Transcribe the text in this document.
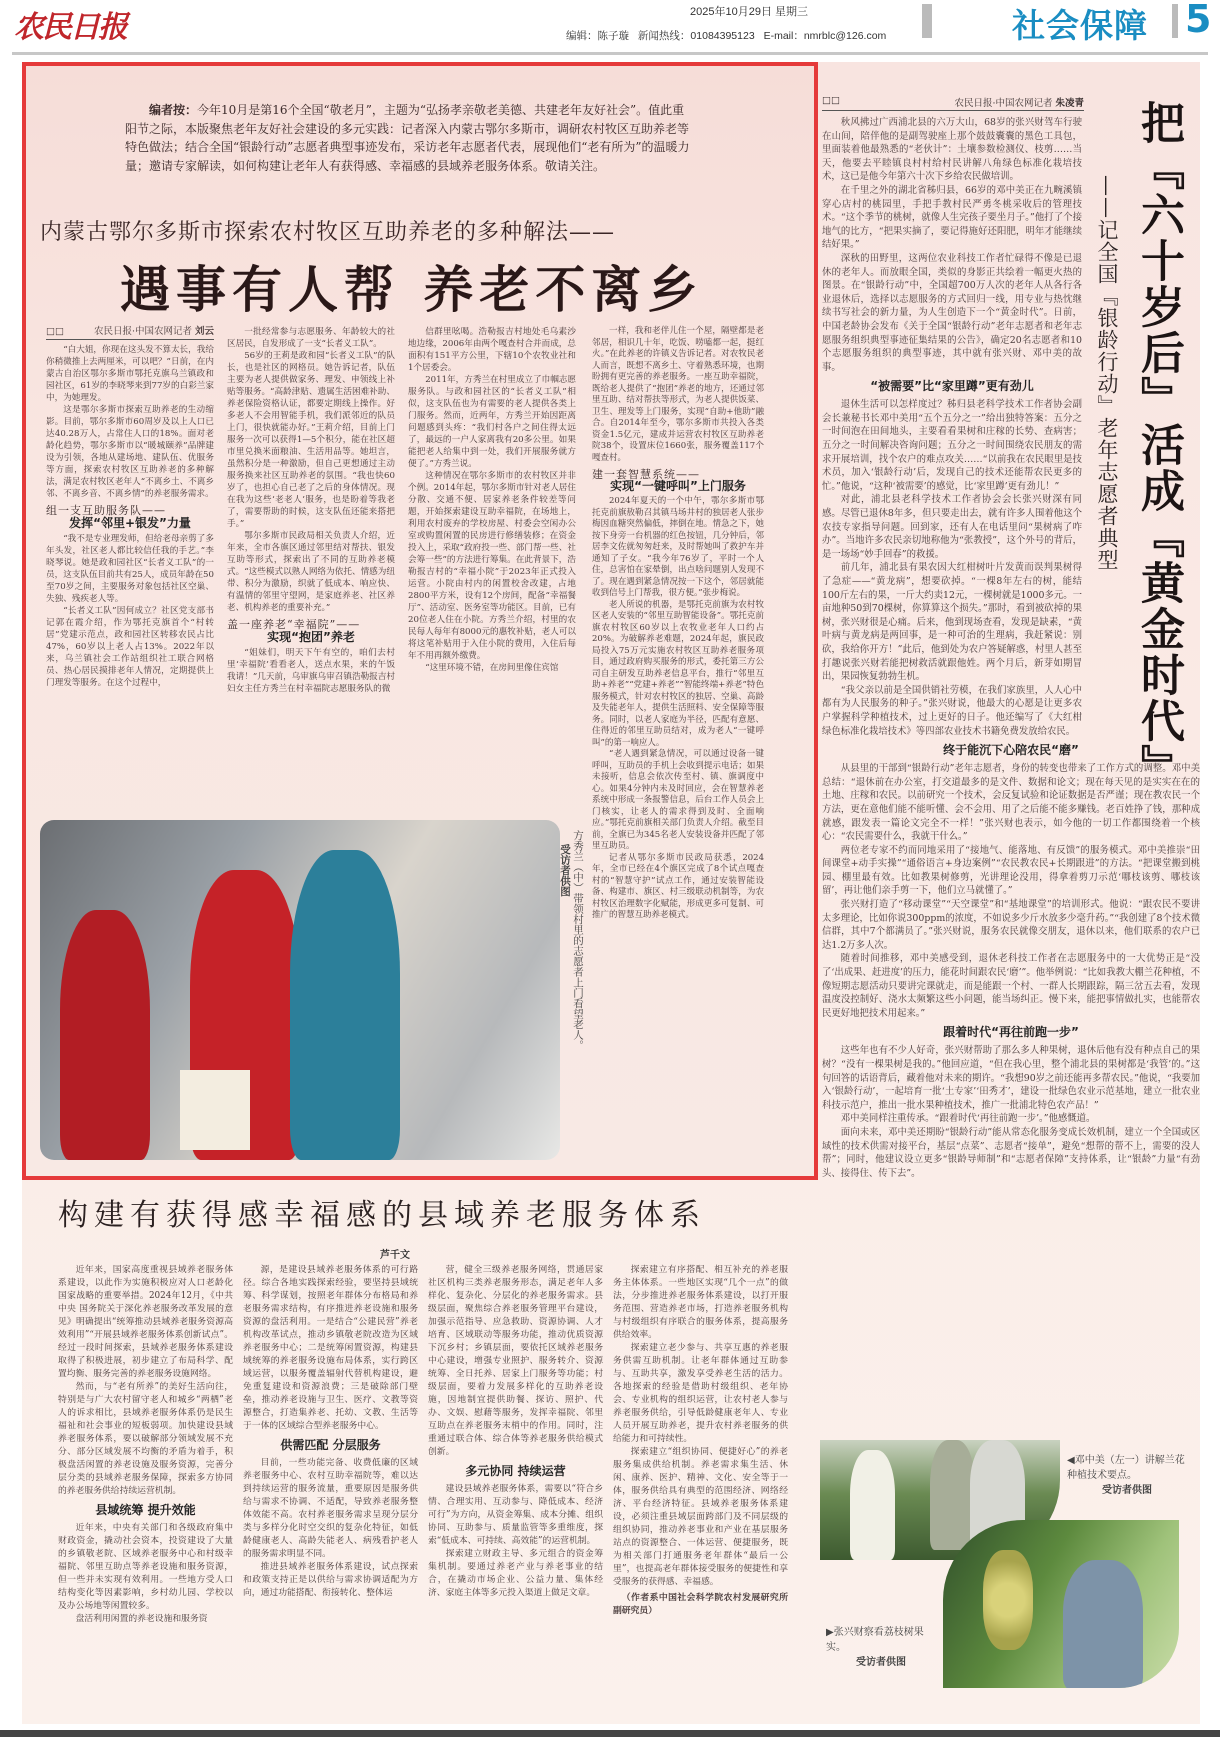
农民日报	2025年10月29日 星期三
编辑：陈子璇 新闻热线：01084395123 E-mail：nmrblc@126.com	社会保障 5
编者按：今年10月是第16个全国“敬老月”，主题为“弘扬孝亲敬老美德、共建老年友好社会”。值此重阳节之际，本版聚焦老年友好社会建设的多元实践：记者深入内蒙古鄂尔多斯市，调研农村牧区互助养老等特色做法；结合全国“银龄行动”志愿者典型事迹发布，采访老年志愿者代表，展现他们“老有所为”的温暖力量；邀请专家解读，如何构建让老年人有获得感、幸福感的县域养老服务体系。敬请关注。
内蒙古鄂尔多斯市探索农村牧区互助养老的多种解法——
遇事有人帮 养老不离乡
□□	农民日报·中国农网记者 刘云

“白大姐，你现在这头发不算太长，我给你稍微推上去两厘米，可以吧？”日前，在内蒙古自治区鄂尔多斯市鄂托克旗乌兰镇政和园社区，61岁的李晓琴来到77岁的白彩兰家中，为她理发。

这是鄂尔多斯市探索互助养老的生动缩影。目前，鄂尔多斯市60周岁及以上人口已达40.28万人，占常住人口的18%。面对老龄化趋势，鄂尔多斯市以“暖城颐养”品牌建设为引领，各地从建场地、建队伍、优服务等方面，探索农村牧区互助养老的多种解法，满足农村牧区老年人“不离乡土、不离乡邻、不离乡音、不离乡情”的养老服务需求。

组一支互助服务队——
发挥“邻里+银发”力量

“我不是专业理发师，但给老母亲剪了多年头发，社区老人都比较信任我的手艺。”李晓琴说。她是政和园社区“长者义工队”的一员，这支队伍目前共有25人，成员年龄在50至70岁之间，主要服务对象包括社区空巢、失独、残疾老人等。

“长者义工队”因何成立？社区党支部书记郭在霞介绍，作为鄂托克旗首个“村转居”党建示范点，政和园社区转移农民占比47%，60岁以上老人占13%。2022年以来，乌兰镇社会工作站组织社工联合网格员、热心居民摸排老年人情况，定期提供上门理发等服务。在这个过程中，

一批经常参与志愿服务、年龄较大的社区居民，自发形成了一支“长者义工队”。

56岁的王莉是政和园“长者义工队”的队长，也是社区的网格员。她告诉记者，队伍主要为老人提供做家务、理发、申领线上补贴等服务。“高龄津贴、遗属生活困难补助、养老保险资格认证，都要定期线上操作。好多老人不会用智能手机，我们派邻近的队员上门，很快就能办好。”王莉介绍，目前上门服务一次可以获得1—5个积分，能在社区超市里兑换米面粮油、生活用品等。她坦言，虽然积分是一种激励，但自己更想通过主动服务换来社区互助养老的氛围。“我也快60岁了，也担心自己老了之后的身体情况。现在我为这些‘老老人’服务，也是盼着等我老了，需要帮助的时候，这支队伍还能来搭把手。”

鄂尔多斯市民政局相关负责人介绍，近年来，全市各旗区通过邻里结对帮扶、银发互助等形式，探索出了不同的互助养老模式。“这些模式以熟人网络为依托、情感为纽带、积分为激励，织就了低成本、响应快、有温情的邻里守望网，是家庭养老、社区养老、机构养老的重要补充。”

盖一座养老“幸福院”——
实现“抱团”养老

“姐妹们，明天下午有空的，咱们去村里‘幸福院’看看老人，送点水果，来的午饭我请！”几天前，乌审旗乌审召镇浩勒报吉村妇女主任方秀兰在村幸福院志愿服务队的微

信群里吆喝。浩勒报吉村地处毛乌素沙地边缘，2006年由两个嘎查村合并而成，总面积有151平方公里，下辖10个农牧业社和1个居委会。

2011年，方秀兰在村里成立了巾帼志愿服务队。与政和园社区的“长者义工队”相似，这支队伍也为有需要的老人提供各类上门服务。然而，近两年，方秀兰开始因距离问题感到头疼：“我们村各户之间住得太远了，最远的一户人家离我有20多公里。如果能把老人给集中到一处，我们开展服务就方便了。”方秀兰说。

这种情况在鄂尔多斯市的农村牧区并非个例。2014年起，鄂尔多斯市针对老人居住分散、交通不便、居家养老条件较差等问题，开始探索建设互助幸福院，在场地上，利用农村废弃的学校房屋、村委会空闲办公室或购置闲置的民房进行修缮装修；在资金投入上，采取“政府投一些、部门帮一些、社会筹一些”的方法进行筹集。在此背景下，浩勒报吉村的“幸福小院”于2023年正式投入运营。小院由村内的闲置校舍改建，占地2800平方米，设有12个房间，配备“幸福餐厅”、活动室、医务室等功能区。目前，已有20位老人住在小院。方秀兰介绍，村里的农民每人每年有8000元的惠牧补贴，老人可以将这笔补贴用于入住小院的费用，入住后每年不用再额外缴费。

“这里环境不错，在房间里像住宾馆

一样，我和老伴儿住一个屋，隔壁都是老邻居，相识几十年，吃饭、唠嗑都一起，挺红火。”在此养老的许镇义告诉记者。对农牧民老人而言，既想不离乡土、守着熟悉环境，也期盼拥有更完善的养老服务。一座互助幸福院，既给老人提供了“抱团”养老的地方，还通过邻里互助、结对帮扶等形式，为老人提供饭菜、卫生、理发等上门服务，实现“自助+他助”融合。自2014年至今，鄂尔多斯市共投入各类资金1.5亿元，建成并运营农村牧区互助养老院38个，设置床位1660张，服务覆盖117个嘎查村。

建一套智慧系统——
实现“一键呼叫”上门服务

2024年夏天的一个中午，鄂尔多斯市鄂托克前旗敖勒召其镇马场井村的独居老人张步梅因血糖突然偏低，摔倒在地。情急之下，她按下身旁一台机器的红色按钮，几分钟后，邻居李文佐就匆匆赶来，及时帮她叫了救护车并通知了子女。“我今年76岁了，平时一个人住，总害怕在家晕倒，出点啥问题别人发现不了。现在遇到紧急情况按一下这个，邻居就能收到信号上门帮我，很方便。”张步梅说。

老人所说的机器，是鄂托克前旗为农村牧区老人安装的“邻里互助智能设备”。鄂托克前旗农村牧区60岁以上农牧业老年人口约占20%。为破解养老难题，2024年起，旗民政局投入75万元实施农村牧区互助养老服务项目，通过政府购买服务的形式，委托第三方公司自主研发互助养老信息平台，推行“邻里互助+养老”“党建+养老”“智能终端+养老”特色服务模式，针对农村牧区的独居、空巢、高龄及失能老年人，提供生活照料、安全保障等服务。同时，以老人家庭为半径，匹配有意愿、住得近的邻里互助员结对，成为老人“一键呼叫”的第一响应人。

“老人遇到紧急情况，可以通过设备一键呼叫，互助员的手机上会收到提示电话；如果未接听，信息会依次传至村、镇、旗调度中心。如果4分钟内未及时回应，会在智慧养老系统中形成一条报警信息，后台工作人员会上门核实，让老人的需求得到及时、全面响应。”鄂托克前旗相关部门负责人介绍。截至目前，全旗已为345名老人安装设备并匹配了邻里互助员。

记者从鄂尔多斯市民政局获悉，2024年，全市已经在4个旗区完成了8个试点嘎查村的“智慧守护”试点工作，通过安装智能设备、构建市、旗区、村三级联动机制等，为农村牧区治理数字化赋能，形成更多可复制、可推广的智慧互助养老模式。

方秀兰（中）带领村里的志愿者上门看望老人。
受访者供图
把『六十岁后』活成『黄金时代』
——记全国『银龄行动』老年志愿者典型
□□	农民日报·中国农网记者 朱凌青

秋风拂过广西浦北县的六万大山，68岁的张兴财驾车行驶在山间，陪伴他的是副驾驶座上那个鼓鼓囊囊的黑色工具包，里面装着他最熟悉的“老伙计”：土壤参数检测仪、枝剪……当天，他要去平睦镇良村村给村民讲解八角绿色标准化栽培技术，这已是他今年第六十次下乡给农民做培训。

在千里之外的湖北省秭归县，66岁的邓中美正在九畹溪镇穿心店村的桃园里，手把手教村民严勇冬桃采收后的管理技术。“这个季节的桃树，就像人生完孩子要坐月子。”他打了个接地气的比方，“把果实摘了，要记得施好还阳肥，明年才能继续结好果。”

深秋的田野里，这两位农业科技工作者忙碌得不像是已退休的老年人。而放眼全国，类似的身影正共绘着一幅更火热的图景。在“银龄行动”中，全国超700万人次的老年人从各行各业退休后，选择以志愿服务的方式回归一线，用专业与热忱继续书写社会的新力量，为人生创造下一个“黄金时代”。日前，中国老龄协会发布《关于全国“银龄行动”老年志愿者和老年志愿服务组织典型事迹征集结果的公告》，确定20名志愿者和10个志愿服务组织的典型事迹，其中就有张兴财、邓中美的故事。

“被需要”比“家里蹲”更有劲儿

退休生活可以怎样度过？秭归县老科学技术工作者协会副会长兼秘书长邓中美用“五个五分之一”给出独特答案：五分之一时间泡在田间地头，主要看看果树和庄稼的长势、查病害；五分之一时间解决咨询问题；五分之一时间围绕农民朋友的需求开展培训，找个农户的难点攻关……“以前我在农民眼里是技术员，加入‘银龄行动’后，发现自己的技术还能帮农民更多的忙。”他说，“这种‘被需要’的感觉，比‘家里蹲’更有劲儿！”

对此，浦北县老科学技术工作者协会会长张兴财深有同感。尽管已退休8年多，但只要走出去，就有许多人围着他这个农技专家指导问题。回到家，还有人在电话里问“果树病了咋办”。当地许多农民亲切地称他为“张教授”，这个外号的背后，是一场场“妙手回春”的救援。

前几年，浦北县有果农因大红柑树叶片发黄而误判果树得了急症——“黄龙病”，想要砍掉。“一棵8年左右的树，能结100斤左右的果，一斤大约卖12元，一棵树就是1000多元。一亩地种50到70棵树，你算算这个损失。”那时，看到被砍掉的果树，张兴财很是心痛。后来，他到现场查看，发现是缺素，“黄叶病与黄龙病是两回事，是一种可治的生理病，我赶紧说：别砍，我给你开方！”此后，他到处为农户答疑解惑，村里人甚至打趣说张兴财若能把树救活就跟他姓。两个月后，新芽如期冒出，果园恢复勃勃生机。

“我父亲以前是全国供销社劳模，在我们家族里，人人心中都有为人民服务的种子。”张兴财说，他最大的心愿是让更多农户掌握科学种植技术，过上更好的日子。他还编写了《大红柑绿色标准化栽培技术》等四部农业技术书籍免费发放给农民。

终于能沉下心陪农民“磨”

从县里的干部到“银龄行动”老年志愿者，身份的转变也带来了工作方式的调整。邓中美总结：“退休前在办公室，打交道最多的是文件、数据和论文；现在每天见的是实实在在的土地、庄稼和农民。以前研究一个技术，会反复试验和论证数据是否严谨；现在教农民一个方法，更在意他们能不能听懂、会不会用、用了之后能不能多赚钱。老百姓挣了钱，那种成就感，跟发表一篇论文完全不一样！”张兴财也表示，如今他的一切工作都围绕着一个核心：“农民需要什么，我就干什么。”

两位老专家不约而同地采用了“接地气、能落地、有反馈”的服务模式。邓中美推崇“田间课堂+动手实操”“通俗语言+身边案例”“农民教农民+长期跟进”的方法。“把课堂搬到桃园、棚里最有效。比如教果树修剪，光讲理论没用，得拿着剪刀示范‘哪枝该剪、哪枝该留’，再让他们亲手剪一下，他们立马就懂了。”

张兴财打造了“移动课堂”“天空课堂”和“基地课堂”的培训形式。他说：“跟农民不要讲太多理论，比如你说300ppm的浓度，不如说多少斤水放多少毫升药。”“我创建了8个技术微信群，其中7个都满员了。”张兴财说，服务农民就像交朋友，退休以来，他们联系的农户已达1.2万多人次。

随着时间推移，邓中美感受到，退休老科技工作者在志愿服务中的一大优势正是“没了‘出成果、赶进度’的压力，能花时间跟农民‘磨’”。他举例说：“比如我教大棚兰花种植，不像短期志愿活动只要讲完课就走，而是能跟一个村、一群人长期跟踪，隔三岔五去看，发现温度没控制好、浇水太频繁这些小问题，能当场纠正。慢下来，能把事情做扎实，也能帮农民更好地把技术用起来。”

跟着时代“再往前跑一步”

这些年也有不少人好奇，张兴财帮助了那么多人种果树，退休后他有没有种点自己的果树？“没有一棵果树是我的。”他回应道，“但在我心里，整个浦北县的果树都是‘我管’的。”这句回答的话语背后，藏着他对未来的期许。“我想90岁之前还能再多帮农民。”他说，“我要加入‘银龄行动’，一起培育一批‘土专家’‘田秀才’，建设一批绿色农业示范基地，建立一批农业科技示范户，推出一批水果种植技术，推广一批浦北特色农产品！”

邓中美同样注重传承。“跟着时代‘再往前跑一步’。”他感慨道。

面向未来，邓中美还期盼“银龄行动”能从常态化服务变成长效机制，建立一个全国或区域性的技术供需对接平台，基层“点菜”、志愿者“接单”，避免“想帮的帮不上，需要的没人帮”；同时，他建议设立更多“银龄导师制”和“志愿者保障”支持体系，让“银龄”力量“有劲头、接得住、传下去”。

构建有获得感幸福感的县域养老服务体系
芦千文

近年来，国家高度重视县域养老服务体系建设，以此作为实施积极应对人口老龄化国家战略的重要举措。2024年12月，《中共中央 国务院关于深化养老服务改革发展的意见》明确提出“统筹推动县域养老服务资源高效利用”“开展县域养老服务体系创新试点”。经过一段时间探索，县域养老服务体系建设取得了积极进展，初步建立了布局科学、配置均衡、服务完善的养老服务设施网络。

然而，与“老有所养”的美好生活向往，特别是与广大农村留守老人和城乡“两栖”老人的诉求相比，县域养老服务体系仍是民生福祉和社会事业的短板弱项。加快建设县域养老服务体系，要以破解部分领域发展不充分、部分区域发展不均衡的矛盾为着手，积极盘活闲置的养老设施及服务资源，完善分层分类的县域养老服务保障，探索多方协同的养老服务供给持续运营机制。

县域统筹 提升效能

近年来，中央有关部门和各级政府集中财政资金，撬动社会资本，投资建设了大量的乡镇敬老院、区域养老服务中心和村级幸福院、邻里互助点等养老设施和服务资源，但一些并未实现有效利用。一些地方受人口结构变化等因素影响，乡村幼儿园、学校以及办公场地等闲置较多。

盘活利用闲置的养老设施和服务资

源，是建设县域养老服务体系的可行路径。综合各地实践探索经验，要坚持县域统筹、科学谋划，按照老年群体分布格局和养老服务需求结构，有序推进养老设施和服务资源的盘活利用。一是结合“公建民营”养老机构改革试点，推动乡镇敬老院改造为区域养老服务中心；二是统筹闲置资源，构建县域统筹的养老服务设施布局体系，实行跨区域运营，以服务覆盖辐射代替机构建设，避免重复建设和资源浪费；三是破除部门壁垒，推动养老设施与卫生、医疗、文教等资源整合，打造集养老、托幼、文教、生活等于一体的区域综合型养老服务中心。

供需匹配 分层服务

目前，一些功能完备、收费低廉的区域养老服务中心、农村互助幸福院等，难以达到持续运营的服务流量，重要原因是服务供给与需求不协调、不适配，导致养老服务整体效能不高。农村养老服务需求呈现分层分类与多样分化时空交织的复杂化特征，如低龄健康老人、高龄失能老人、病残看护老人的服务需求明显不同。

推进县域养老服务体系建设，试点探索和政策支持正是以供给与需求协调适配为方向，通过功能搭配、衔接转化、整体运

营，健全三级养老服务网络，贯通居家社区机构三类养老服务形态，满足老年人多样化、复杂化、分层化的养老服务需求。县级层面，聚焦综合养老服务管理平台建设，加强示范指导、应急救助、资源协调、人才培育、区域联动等服务功能，推动优质资源下沉乡村；乡镇层面，要依托区域养老服务中心建设，增强专业照护、服务转介、资源统筹、全日托养、居家上门服务等功能；村级层面，要着力发展多样化的互助养老设施，因地制宜提供助餐、探访、照护、代办、文娱、慰藉等服务，发挥幸福院、邻里互助点在养老服务末梢中的作用。同时，注重通过联合体、综合体等养老服务供给模式创新。

多元协同 持续运营

建设县域养老服务体系，需要以“符合乡情、合理实用、互动参与、降低成本、经济可行”为方向，从资金筹集、成本分摊、组织协同、互助参与、质量监管等多重维度，探索“低成本、可持续、高效能”的运营机制。

探索建立财政主导、多元组合的资金筹集机制。要通过养老产业与养老事业的结合，在撬动市场企业、公益力量、集体经济、家庭主体等多元投入渠道上做足文章。

探索建立有序搭配、相互补充的养老服务主体体系。一些地区实现“几个一点”的做法，分步推进养老服务体系建设，以打开服务范围、营造养老市场，打造养老服务机构与村级组织有序联合的服务体系，提高服务供给效率。

探索建立老少参与、共享互惠的养老服务供需互助机制。让老年群体通过互助参与、互助共享，激发享受养老生活的活力。各地探索的经验是借助村级组织、老年协会、专业机构的组织运营，让农村老人参与养老服务供给，引导低龄健康老年人、专业人员开展互助养老，提升农村养老服务的供给能力和可持续性。

探索建立“组织协同、便捷好心”的养老服务集成供给机制。养老需求集生活、休闲、康养、医护、精神、文化、安全等于一体，服务供给具有典型的范围经济、网络经济、平台经济特征。县域养老服务体系建设，必须注重县域层面跨部门及不同层级的组织协同，推动养老事业和产业在基层服务站点的资源整合、一体运营、便捷服务，既为相关部门打通服务老年群体“最后一公里”，也提高老年群体接受服务的便捷性和享受服务的获得感、幸福感。

（作者系中国社会科学院农村发展研究所副研究员）
◀邓中美（左一）讲解兰花种植技术要点。
受访者供图
▶张兴财察看荔枝树果实。
受访者供图
